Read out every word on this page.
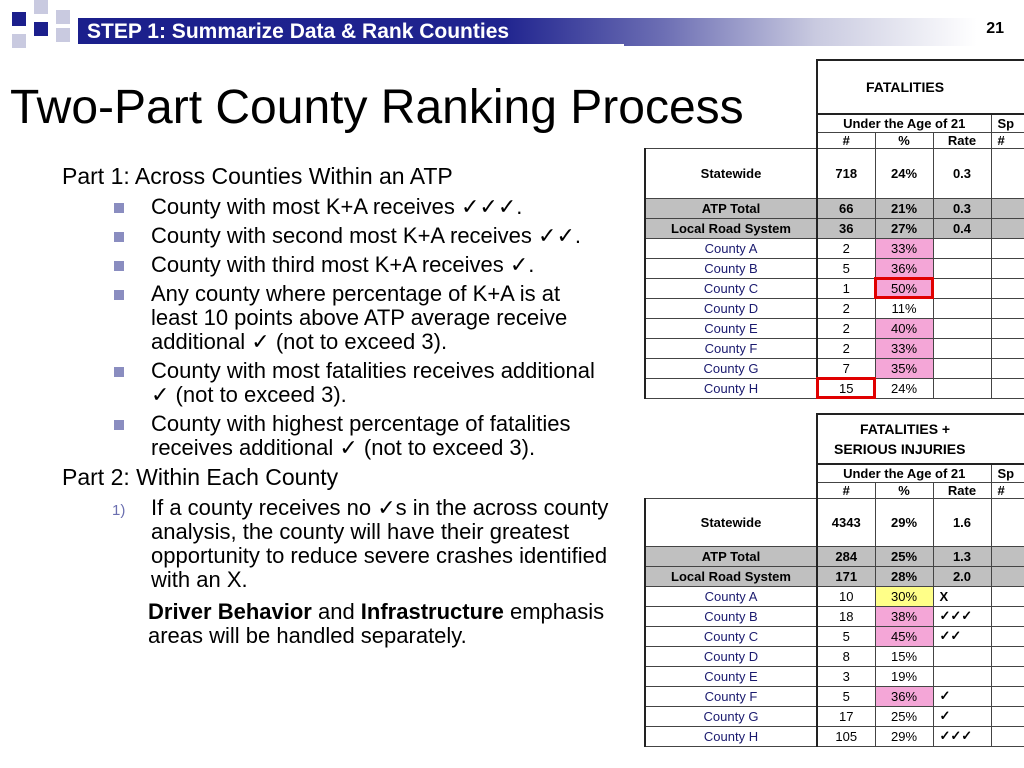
STEP 1: Summarize Data & Rank Counties	21
Two-Part County Ranking Process
Part 1: Across Counties Within an ATP
County with most K+A receives ✓✓✓.
County with second most K+A receives ✓✓.
County with third most K+A receives ✓.
Any county where percentage of K+A is at least 10 points above ATP average receive additional ✓ (not to exceed 3).
County with most fatalities receives additional ✓ (not to exceed 3).
County with highest percentage of fatalities receives additional ✓ (not to exceed 3).
Part 2: Within Each County
1) If a county receives no ✓s in the across county analysis, the county will have their greatest opportunity to reduce severe crashes identified with an X.
Driver Behavior and Infrastructure emphasis areas will be handled separately.
	FATALITIES			
	Under the Age of 21			Sp
	#	%	Rate	#
Statewide	718	24%	0.3	
ATP Total	66	21%	0.3	
Local Road System	36	27%	0.4	
County A	2	33%		
County B	5	36%		
County C	1	50%		
County D	2	11%		
County E	2	40%		
County F	2	33%		
County G	7	35%		
County H	15	24%		
	FATALITIES +
SERIOUS INJURIES			
	Under the Age of 21			Sp
	#	%	Rate	#
Statewide	4343	29%	1.6	
ATP Total	284	25%	1.3	
Local Road System	171	28%	2.0	
County A	10	30%	X	
County B	18	38%	✓✓✓	
County C	5	45%	✓✓	
County D	8	15%		
County E	3	19%		
County F	5	36%	✓	
County G	17	25%	✓	
County H	105	29%	✓✓✓	
